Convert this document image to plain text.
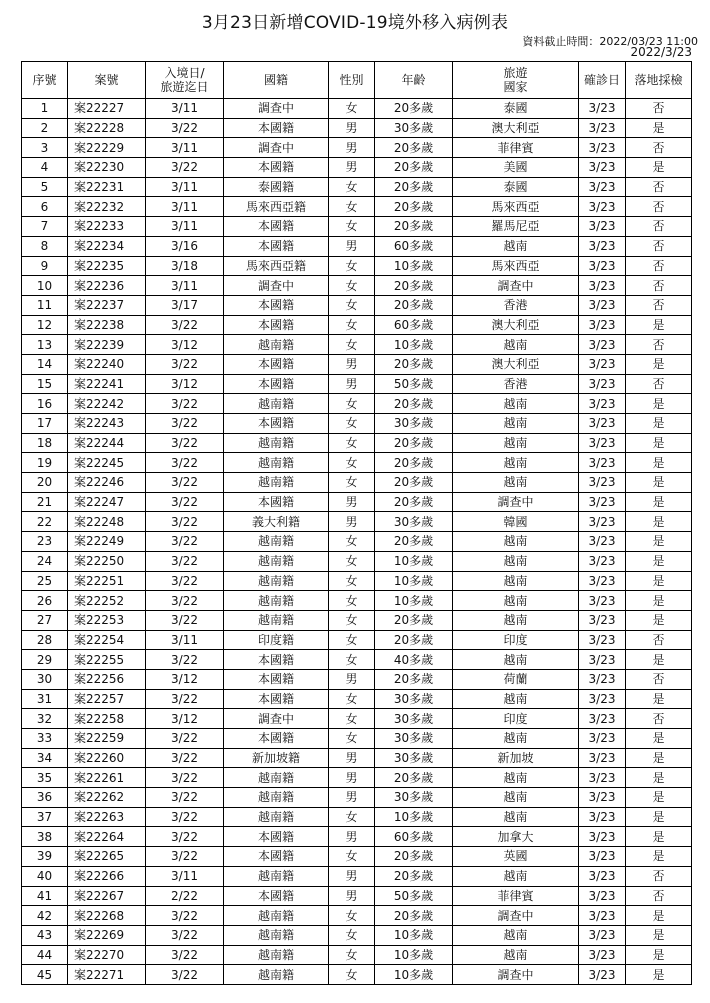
3月23日新增COVID-19境外移入病例表
資料截止時間：2022/03/23 11:00
2022/3/23
序號	案號	入境日/
旅遊迄日	國籍	性別	年齡	旅遊
國家	確診日	落地採檢
1	案22227	3/11	調查中	女	20多歲	泰國	3/23	否
2	案22228	3/22	本國籍	男	30多歲	澳大利亞	3/23	是
3	案22229	3/11	調查中	男	20多歲	菲律賓	3/23	否
4	案22230	3/22	本國籍	男	20多歲	美國	3/23	是
5	案22231	3/11	泰國籍	女	20多歲	泰國	3/23	否
6	案22232	3/11	馬來西亞籍	女	20多歲	馬來西亞	3/23	否
7	案22233	3/11	本國籍	女	20多歲	羅馬尼亞	3/23	否
8	案22234	3/16	本國籍	男	60多歲	越南	3/23	否
9	案22235	3/18	馬來西亞籍	女	10多歲	馬來西亞	3/23	否
10	案22236	3/11	調查中	女	20多歲	調查中	3/23	否
11	案22237	3/17	本國籍	女	20多歲	香港	3/23	否
12	案22238	3/22	本國籍	女	60多歲	澳大利亞	3/23	是
13	案22239	3/12	越南籍	女	10多歲	越南	3/23	否
14	案22240	3/22	本國籍	男	20多歲	澳大利亞	3/23	是
15	案22241	3/12	本國籍	男	50多歲	香港	3/23	否
16	案22242	3/22	越南籍	女	20多歲	越南	3/23	是
17	案22243	3/22	本國籍	女	30多歲	越南	3/23	是
18	案22244	3/22	越南籍	女	20多歲	越南	3/23	是
19	案22245	3/22	越南籍	女	20多歲	越南	3/23	是
20	案22246	3/22	越南籍	女	20多歲	越南	3/23	是
21	案22247	3/22	本國籍	男	20多歲	調查中	3/23	是
22	案22248	3/22	義大利籍	男	30多歲	韓國	3/23	是
23	案22249	3/22	越南籍	女	20多歲	越南	3/23	是
24	案22250	3/22	越南籍	女	10多歲	越南	3/23	是
25	案22251	3/22	越南籍	女	10多歲	越南	3/23	是
26	案22252	3/22	越南籍	女	10多歲	越南	3/23	是
27	案22253	3/22	越南籍	女	20多歲	越南	3/23	是
28	案22254	3/11	印度籍	女	20多歲	印度	3/23	否
29	案22255	3/22	本國籍	女	40多歲	越南	3/23	是
30	案22256	3/12	本國籍	男	20多歲	荷蘭	3/23	否
31	案22257	3/22	本國籍	女	30多歲	越南	3/23	是
32	案22258	3/12	調查中	女	30多歲	印度	3/23	否
33	案22259	3/22	本國籍	女	30多歲	越南	3/23	是
34	案22260	3/22	新加坡籍	男	30多歲	新加坡	3/23	是
35	案22261	3/22	越南籍	男	20多歲	越南	3/23	是
36	案22262	3/22	越南籍	男	30多歲	越南	3/23	是
37	案22263	3/22	越南籍	女	10多歲	越南	3/23	是
38	案22264	3/22	本國籍	男	60多歲	加拿大	3/23	是
39	案22265	3/22	本國籍	女	20多歲	英國	3/23	是
40	案22266	3/11	越南籍	男	20多歲	越南	3/23	否
41	案22267	2/22	本國籍	男	50多歲	菲律賓	3/23	否
42	案22268	3/22	越南籍	女	20多歲	調查中	3/23	是
43	案22269	3/22	越南籍	女	10多歲	越南	3/23	是
44	案22270	3/22	越南籍	女	10多歲	越南	3/23	是
45	案22271	3/22	越南籍	女	10多歲	調查中	3/23	是
